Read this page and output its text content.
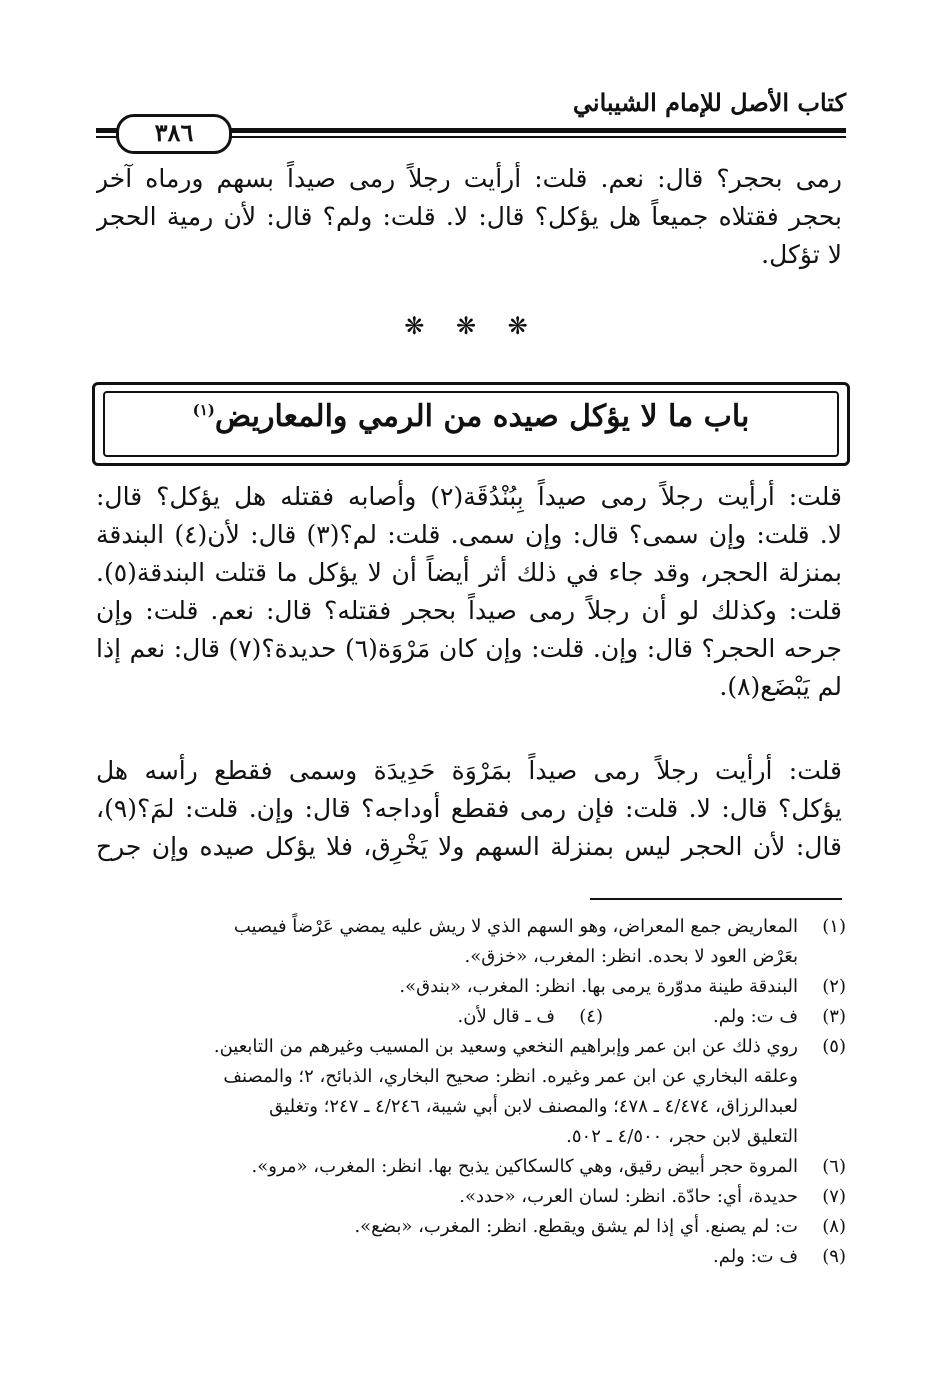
كتاب الأصل للإمام الشيباني
٣٨٦
رمى بحجر؟ قال: نعم. قلت: أرأيت رجلاً رمى صيداً بسهم ورماه آخر
بحجر فقتلاه جميعاً هل يؤكل؟ قال: لا. قلت: ولم؟ قال: لأن رمية الحجر
لا تؤكل.
❋ ❋ ❋
باب ما لا يؤكل صيده من الرمي والمعاريض$^{(١)}$
قلت: أرأيت رجلاً رمى صيداً بِبُنْدُقَة(٢) وأصابه فقتله هل يؤكل؟ قال:
لا. قلت: وإن سمى؟ قال: وإن سمى. قلت: لم؟(٣) قال: لأن(٤) البندقة
بمنزلة الحجر، وقد جاء في ذلك أثر أيضاً أن لا يؤكل ما قتلت البندقة(٥).
قلت: وكذلك لو أن رجلاً رمى صيداً بحجر فقتله؟ قال: نعم. قلت: وإن
جرحه الحجر؟ قال: وإن. قلت: وإن كان مَرْوَة(٦) حديدة؟(٧) قال: نعم إذا
لم يَبْضَع(٨).
قلت: أرأيت رجلاً رمى صيداً بمَرْوَة حَدِيدَة وسمى فقطع رأسه هل
يؤكل؟ قال: لا. قلت: فإن رمى فقطع أوداجه؟ قال: وإن. قلت: لمَ؟(٩)،
قال: لأن الحجر ليس بمنزلة السهم ولا يَخْرِق، فلا يؤكل صيده وإن جرح
(١)
المعاريض جمع المعراض، وهو السهم الذي لا ريش عليه يمضي عَرْضاً فيصيب
بعَرْض العود لا بحده. انظر: المغرب، «خزق».
(٢)
البندقة طينة مدوّرة يرمى بها. انظر: المغرب، «بندق».
(٣)
ف ت: ولم.
(٤)
ف ـ قال لأن.
(٥)
روي ذلك عن ابن عمر وإبراهيم النخعي وسعيد بن المسيب وغيرهم من التابعين.
وعلقه البخاري عن ابن عمر وغيره. انظر: صحيح البخاري، الذبائح، ٢؛ والمصنف
لعبدالرزاق، ٤/٤٧٤ ـ ٤٧٨؛ والمصنف لابن أبي شيبة، ٤/٢٤٦ ـ ٢٤٧؛ وتغليق
التعليق لابن حجر، ٤/٥٠٠ ـ ٥٠٢.
(٦)
المروة حجر أبيض رقيق، وهي كالسكاكين يذبح بها. انظر: المغرب، «مرو».
(٧)
حديدة، أي: حادّة. انظر: لسان العرب، «حدد».
(٨)
ت: لم يصنع. أي إذا لم يشق ويقطع. انظر: المغرب، «بضع».
(٩)
ف ت: ولم.
